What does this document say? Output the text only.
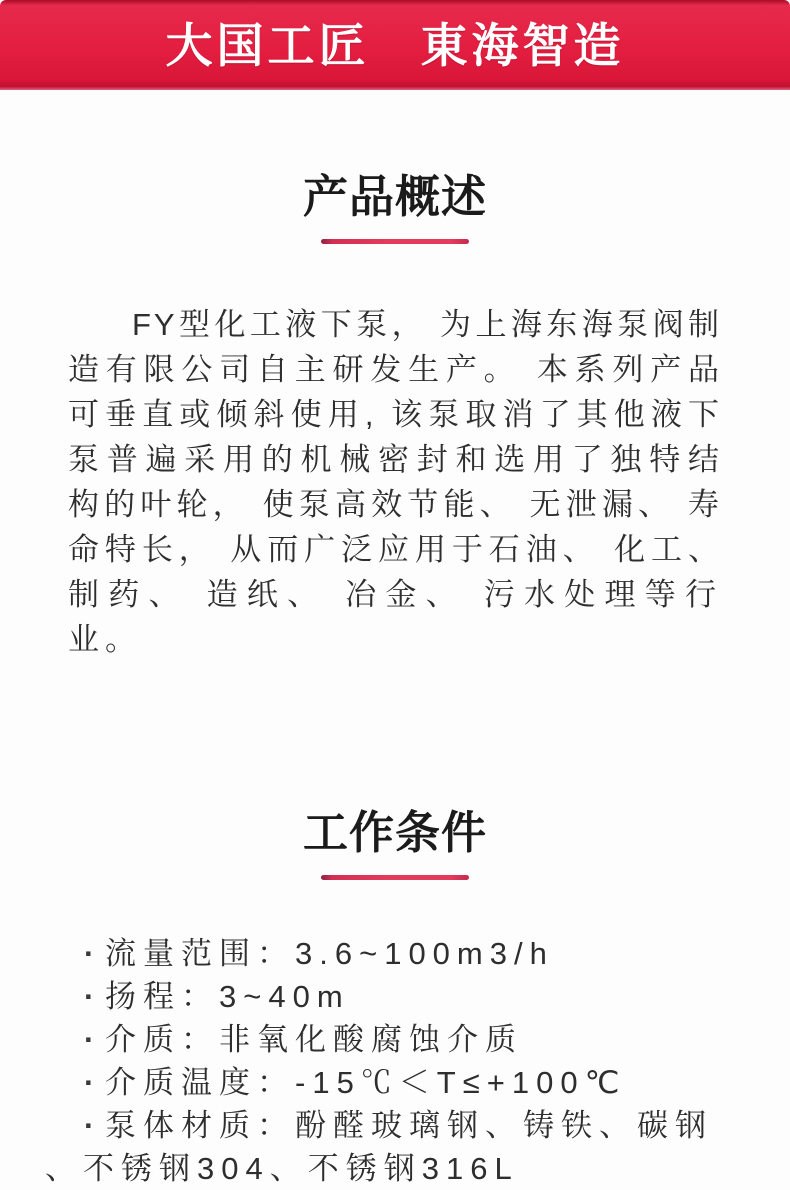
大国工匠　東海智造
产品概述
FY型化工液下泵， 为上海东海泵阀制
造有限公司自主研发生产。 本系列产品
可垂直或倾斜使用, 该泵取消了其他液下
泵普遍采用的机械密封和选用了独特结
构的叶轮， 使泵高效节能、 无泄漏、 寿
命特长， 从而广泛应用于石油、 化工、
制药、 造纸、 冶金、 污水处理等行业。
工作条件
· 流量范围：3.6~100m3/h
· 扬程：3~40m
· 介质：非氧化酸腐蚀介质
· 介质温度：-15℃＜T≤+100℃
· 泵体材质：酚醛玻璃钢、铸铁、碳钢
、不锈钢304、不锈钢316L
